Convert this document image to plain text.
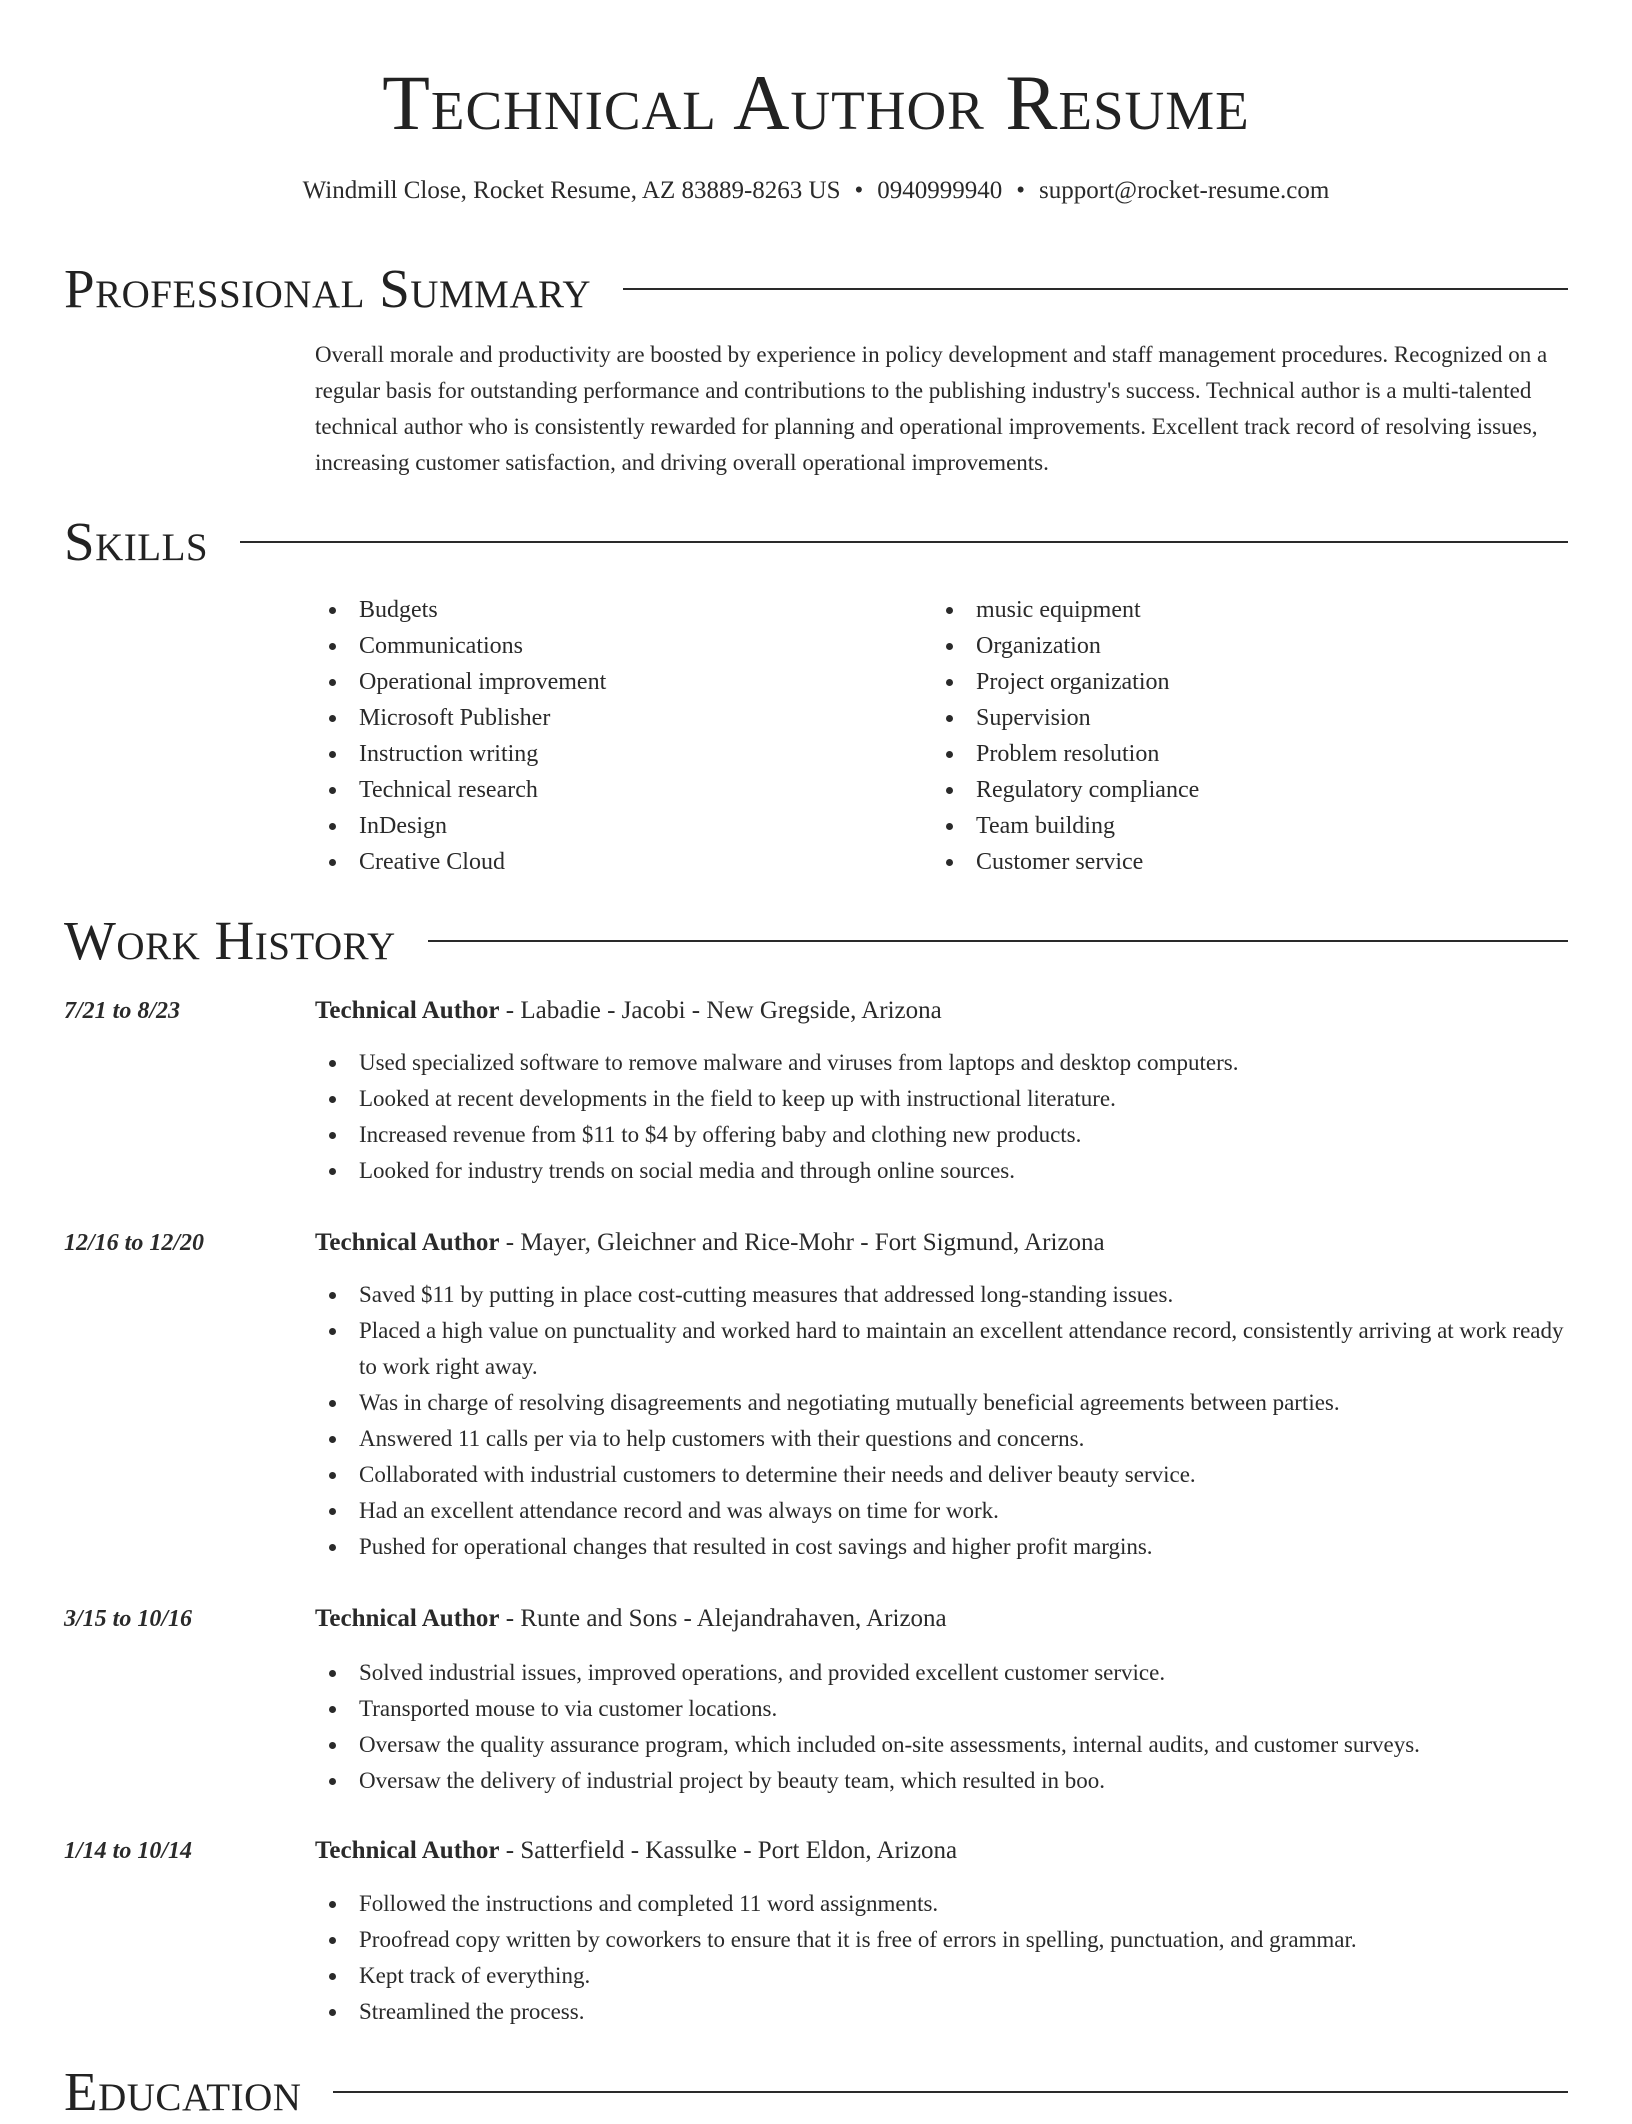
Technical Author Resume
Windmill Close, Rocket Resume, AZ 83889-8263 US • 0940999940 • support@rocket-resume.com
Professional Summary
Overall morale and productivity are boosted by experience in policy development and staff management procedures. Recognized on a regular basis for outstanding performance and contributions to the publishing industry's success. Technical author is a multi-talented technical author who is consistently rewarded for planning and operational improvements. Excellent track record of resolving issues, increasing customer satisfaction, and driving overall operational improvements.
Skills
Budgets
Communications
Operational improvement
Microsoft Publisher
Instruction writing
Technical research
InDesign
Creative Cloud
music equipment
Organization
Project organization
Supervision
Problem resolution
Regulatory compliance
Team building
Customer service
Work History
7/21 to 8/23	Technical Author - Labadie - Jacobi - New Gregside, Arizona
Used specialized software to remove malware and viruses from laptops and desktop computers.
Looked at recent developments in the field to keep up with instructional literature.
Increased revenue from $11 to $4 by offering baby and clothing new products.
Looked for industry trends on social media and through online sources.
12/16 to 12/20	Technical Author - Mayer, Gleichner and Rice-Mohr - Fort Sigmund, Arizona
Saved $11 by putting in place cost-cutting measures that addressed long-standing issues.
Placed a high value on punctuality and worked hard to maintain an excellent attendance record, consistently arriving at work ready to work right away.
Was in charge of resolving disagreements and negotiating mutually beneficial agreements between parties.
Answered 11 calls per via to help customers with their questions and concerns.
Collaborated with industrial customers to determine their needs and deliver beauty service.
Had an excellent attendance record and was always on time for work.
Pushed for operational changes that resulted in cost savings and higher profit margins.
3/15 to 10/16	Technical Author - Runte and Sons - Alejandrahaven, Arizona
Solved industrial issues, improved operations, and provided excellent customer service.
Transported mouse to via customer locations.
Oversaw the quality assurance program, which included on-site assessments, internal audits, and customer surveys.
Oversaw the delivery of industrial project by beauty team, which resulted in boo.
1/14 to 10/14	Technical Author - Satterfield - Kassulke - Port Eldon, Arizona
Followed the instructions and completed 11 word assignments.
Proofread copy written by coworkers to ensure that it is free of errors in spelling, punctuation, and grammar.
Kept track of everything.
Streamlined the process.
Education
